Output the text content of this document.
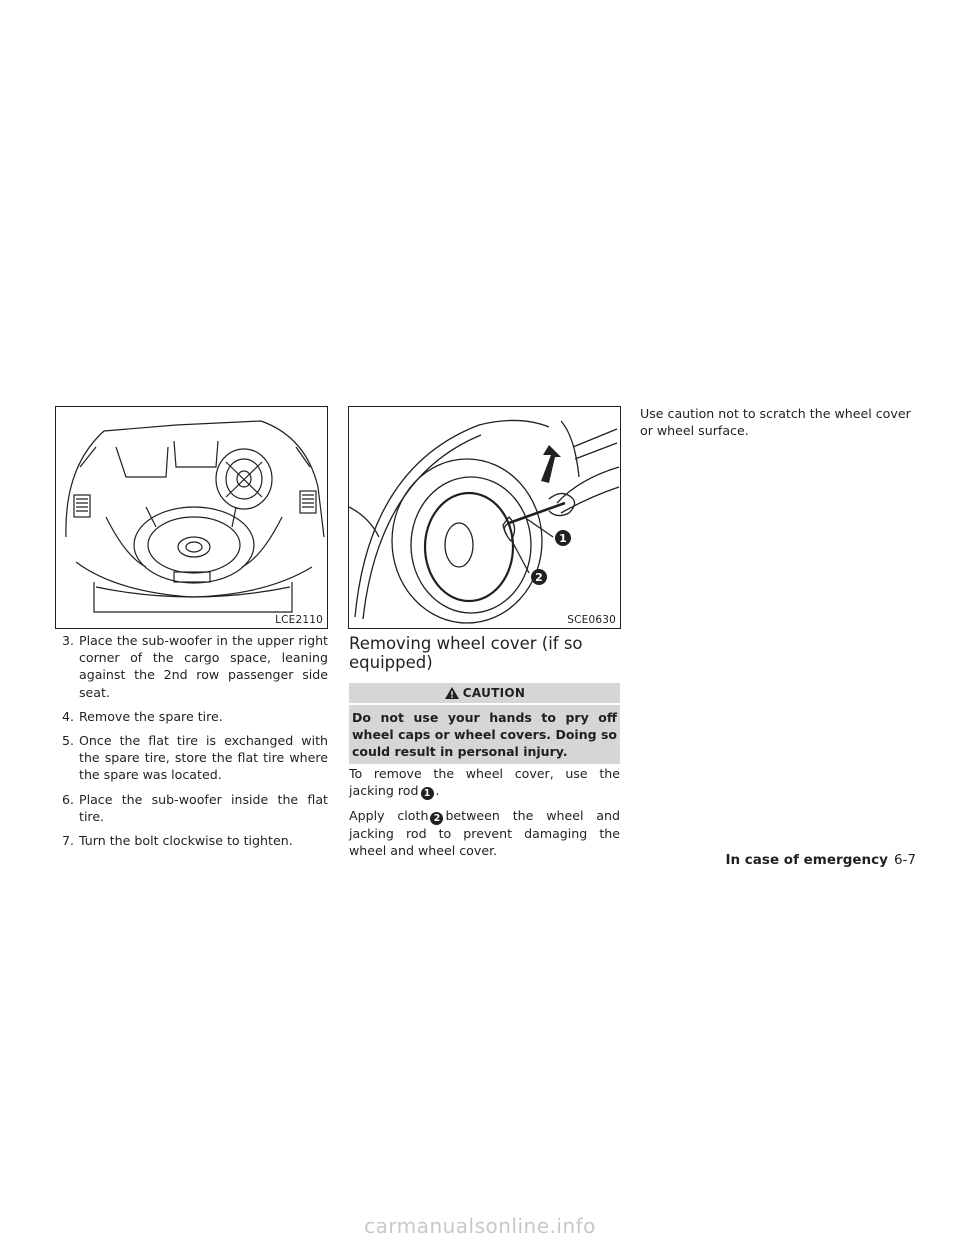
LCE2110
1
2
SCE0630
3. Place the sub-woofer in the upper right corner of the cargo space, leaning against the 2nd row passenger side seat.
4. Remove the spare tire.
5. Once the flat tire is exchanged with the spare tire, store the flat tire where the spare was located.
6. Place the sub-woofer inside the flat tire.
7. Turn the bolt clockwise to tighten.
Removing wheel cover (if so equipped)
CAUTION
Do not use your hands to pry off wheel caps or wheel covers. Doing so could result in personal injury.

To remove the wheel cover, use the jacking rod 1 .

Apply cloth 2 between the wheel and jacking rod to prevent damaging the wheel and wheel cover.

Use caution not to scratch the wheel cover or wheel surface.

In case of emergency 6-7
carmanualsonline.info
